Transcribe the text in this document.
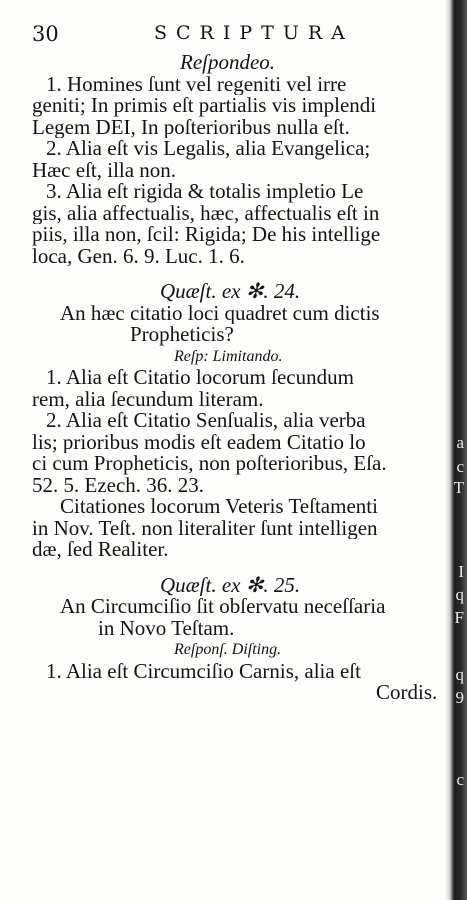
30	SCRIPTURA
Reſpondeo.
1. Homines ſunt vel regeniti vel irre
geniti; In primis eſt partialis vis implendi
Legem DEI, In poſterioribus nulla eſt.
2. Alia eſt vis Legalis, alia Evangelica;
Hæc eſt, illa non.
3. Alia eſt rigida & totalis impletio Le
gis, alia affectualis, hæc, affectualis eſt in
piis, illa non, ſcil: Rigida; De his intellige
loca, Gen. 6. 9. Luc. 1. 6.
Quæſt. ex ✻. 24.
An hæc citatio loci quadret cum dictis
Propheticis?
Reſp: Limitando.
1. Alia eſt Citatio locorum ſecundum
rem, alia ſecundum literam.
2. Alia eſt Citatio Senſualis, alia verba
lis; prioribus modis eſt eadem Citatio lo
ci cum Propheticis, non poſterioribus, Eſa.
52. 5. Ezech. 36. 23.
Citationes locorum Veteris Teſtamenti
in Nov. Teſt. non literaliter ſunt intelligen
dæ, ſed Realiter.
Quæſt. ex ✻. 25.
An Circumciſio ſit obſervatu neceſſaria
in Novo Teſtam.
Reſponſ. Diſting.
1. Alia eſt Circumciſio Carnis, alia eſt
Cordis.
a
c
T
I
q
F
q
9
c
